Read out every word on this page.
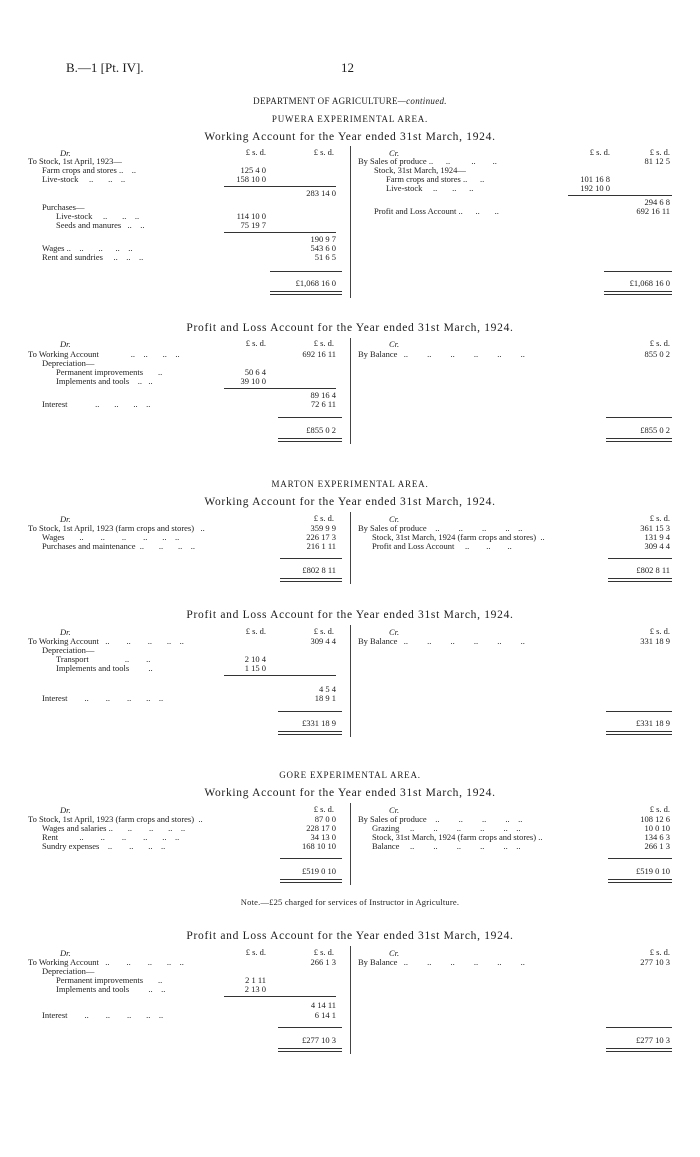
B.—1 [Pt. IV].	12
DEPARTMENT OF AGRICULTURE—continued.
PUWERA EXPERIMENTAL AREA.
Working Account for the Year ended 31st March, 1924.
Dr.	£ s. d.	£ s. d.	Cr.	£ s. d.	£ s. d.
To Stock, 1st April, 1923—
Farm crops and stores ..    ..	125 4 0
Live-stock     ..       ..    ..	158 10 0
283 14 0
Purchases—
Live-stock     ..       ..    ..	114 10 0
Seeds and manures   ..    ..	75 19 7
190 9 7
Wages ..    ..       ..      ..    ..	543 6 0
Rent and sundries     ..    ..    ..	51 6 5
£1,068 16 0
By Sales of produce ..      ..          ..        ..	81 12 5
Stock, 31st March, 1924—
Farm crops and stores ..      ..	101 16 8
Live-stock     ..       ..      ..	192 10 0
294 6 8
Profit and Loss Account ..      ..       ..	692 16 11
£1,068 16 0
Profit and Loss Account for the Year ended 31st March, 1924.
Dr.	£ s. d.	£ s. d.	Cr.	£ s. d.
To Working Account               ..    ..       ..    ..	692 16 11
Depreciation—
Permanent improvements       ..	50 6 4
Implements and tools    ..   ..	39 10 0
89 16 4
Interest             ..       ..       ..    ..	72 6 11
£855 0 2
By Balance   ..         ..         ..         ..         ..         ..	855 0 2
£855 0 2
MARTON EXPERIMENTAL AREA.
Working Account for the Year ended 31st March, 1924.
Dr.	£ s. d.	Cr.	£ s. d.
To Stock, 1st April, 1923 (farm crops and stores)   ..	359 9 9
Wages       ..        ..        ..        ..       ..    ..	226 17 3
Purchases and maintenance  ..       ..       ..    ..	216 1 11
£802 8 11
By Sales of produce    ..         ..         ..         ..    ..	361 15 3
Stock, 31st March, 1924 (farm crops and stores)  ..	131 9 4
Profit and Loss Account     ..        ..        ..	309 4 4
£802 8 11
Profit and Loss Account for the Year ended 31st March, 1924.
Dr.	£ s. d.	£ s. d.	Cr.	£ s. d.
To Working Account   ..        ..        ..       ..    ..	309 4 4
Depreciation—
Transport                 ..        ..	2 10 4
Implements and tools         ..	1 15 0
4 5 4
Interest        ..        ..        ..       ..    ..	18 9 1
£331 18 9
By Balance   ..         ..         ..         ..         ..         ..	331 18 9
£331 18 9
GORE EXPERIMENTAL AREA.
Working Account for the Year ended 31st March, 1924.
Dr.	£ s. d.	Cr.	£ s. d.
To Stock, 1st April, 1923 (farm crops and stores)  ..	87 0 0
Wages and salaries ..       ..        ..       ..    ..	228 17 0
Rent          ..        ..        ..        ..       ..    ..	34 13 0
Sundry expenses    ..        ..       ..    ..	168 10 10
£519 0 10
By Sales of produce    ..         ..         ..         ..    ..	108 12 6
Grazing     ..         ..         ..         ..         ..    ..	10 0 10
Stock, 31st March, 1924 (farm crops and stores) ..	134 6 3
Balance     ..         ..         ..         ..         ..    ..	266 1 3
£519 0 10
Note.—£25 charged for services of Instructor in Agriculture.
Profit and Loss Account for the Year ended 31st March, 1924.
Dr.	£ s. d.	£ s. d.	Cr.	£ s. d.
To Working Account   ..        ..        ..       ..    ..	266 1 3
Depreciation—
Permanent improvements       ..	2 1 11
Implements and tools         ..    ..	2 13 0
4 14 11
Interest        ..        ..        ..       ..    ..	6 14 1
£277 10 3
By Balance   ..         ..         ..         ..         ..         ..	277 10 3
£277 10 3
